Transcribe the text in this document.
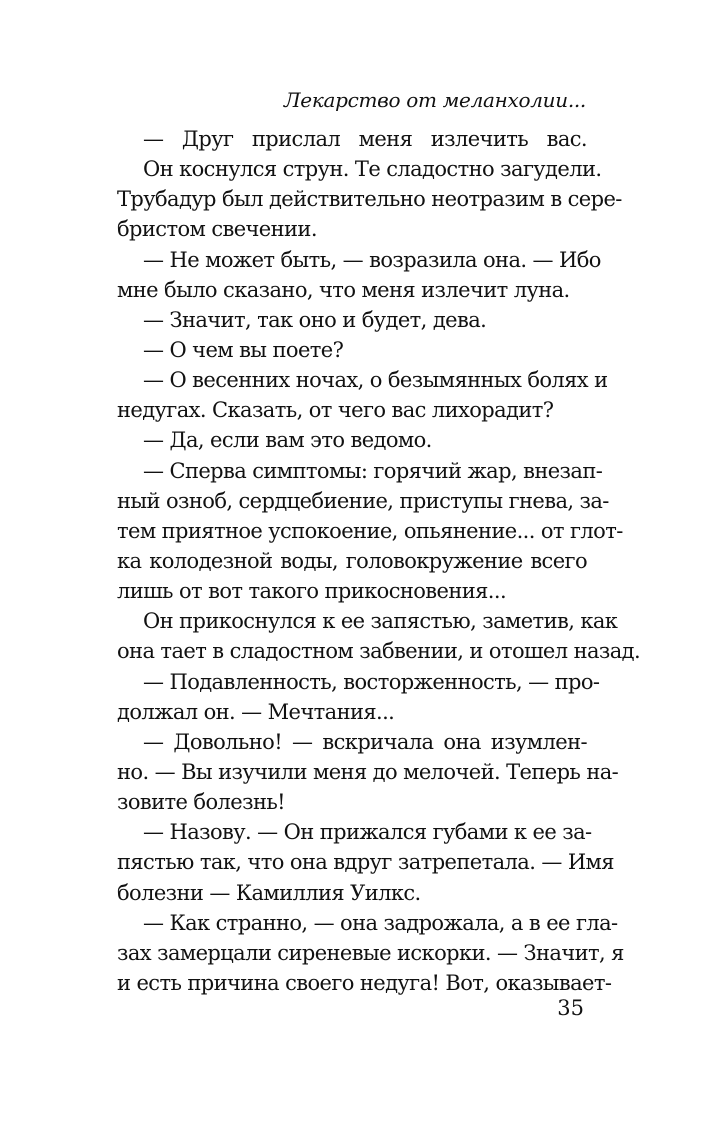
Лекарство от меланхолии...
— Друг прислал меня излечить вас.
Он коснулся струн. Те сладостно загудели.
Трубадур был действительно неотразим в сере-
бристом свечении.
— Не может быть, — возразила она. — Ибо
мне было сказано, что меня излечит луна.
— Значит, так оно и будет, дева.
— О чем вы поете?
— О весенних ночах, о безымянных болях и
недугах. Сказать, от чего вас лихорадит?
— Да, если вам это ведомо.
— Сперва симптомы: горячий жар, внезап-
ный озноб, сердцебиение, приступы гнева, за-
тем приятное успокоение, опьянение... от глот-
ка колодезной воды, головокружение всего
лишь от вот такого прикосновения...
Он прикоснулся к ее запястью, заметив, как
она тает в сладостном забвении, и отошел назад.
— Подавленность, восторженность, — про-
должал он. — Мечтания...
— Довольно! — вскричала она изумлен-
но. — Вы изучили меня до мелочей. Теперь на-
зовите болезнь!
— Назову. — Он прижался губами к ее за-
пястью так, что она вдруг затрепетала. — Имя
болезни — Камиллия Уилкс.
— Как странно, — она задрожала, а в ее гла-
зах замерцали сиреневые искорки. — Значит, я
и есть причина своего недуга! Вот, оказывает-
35
